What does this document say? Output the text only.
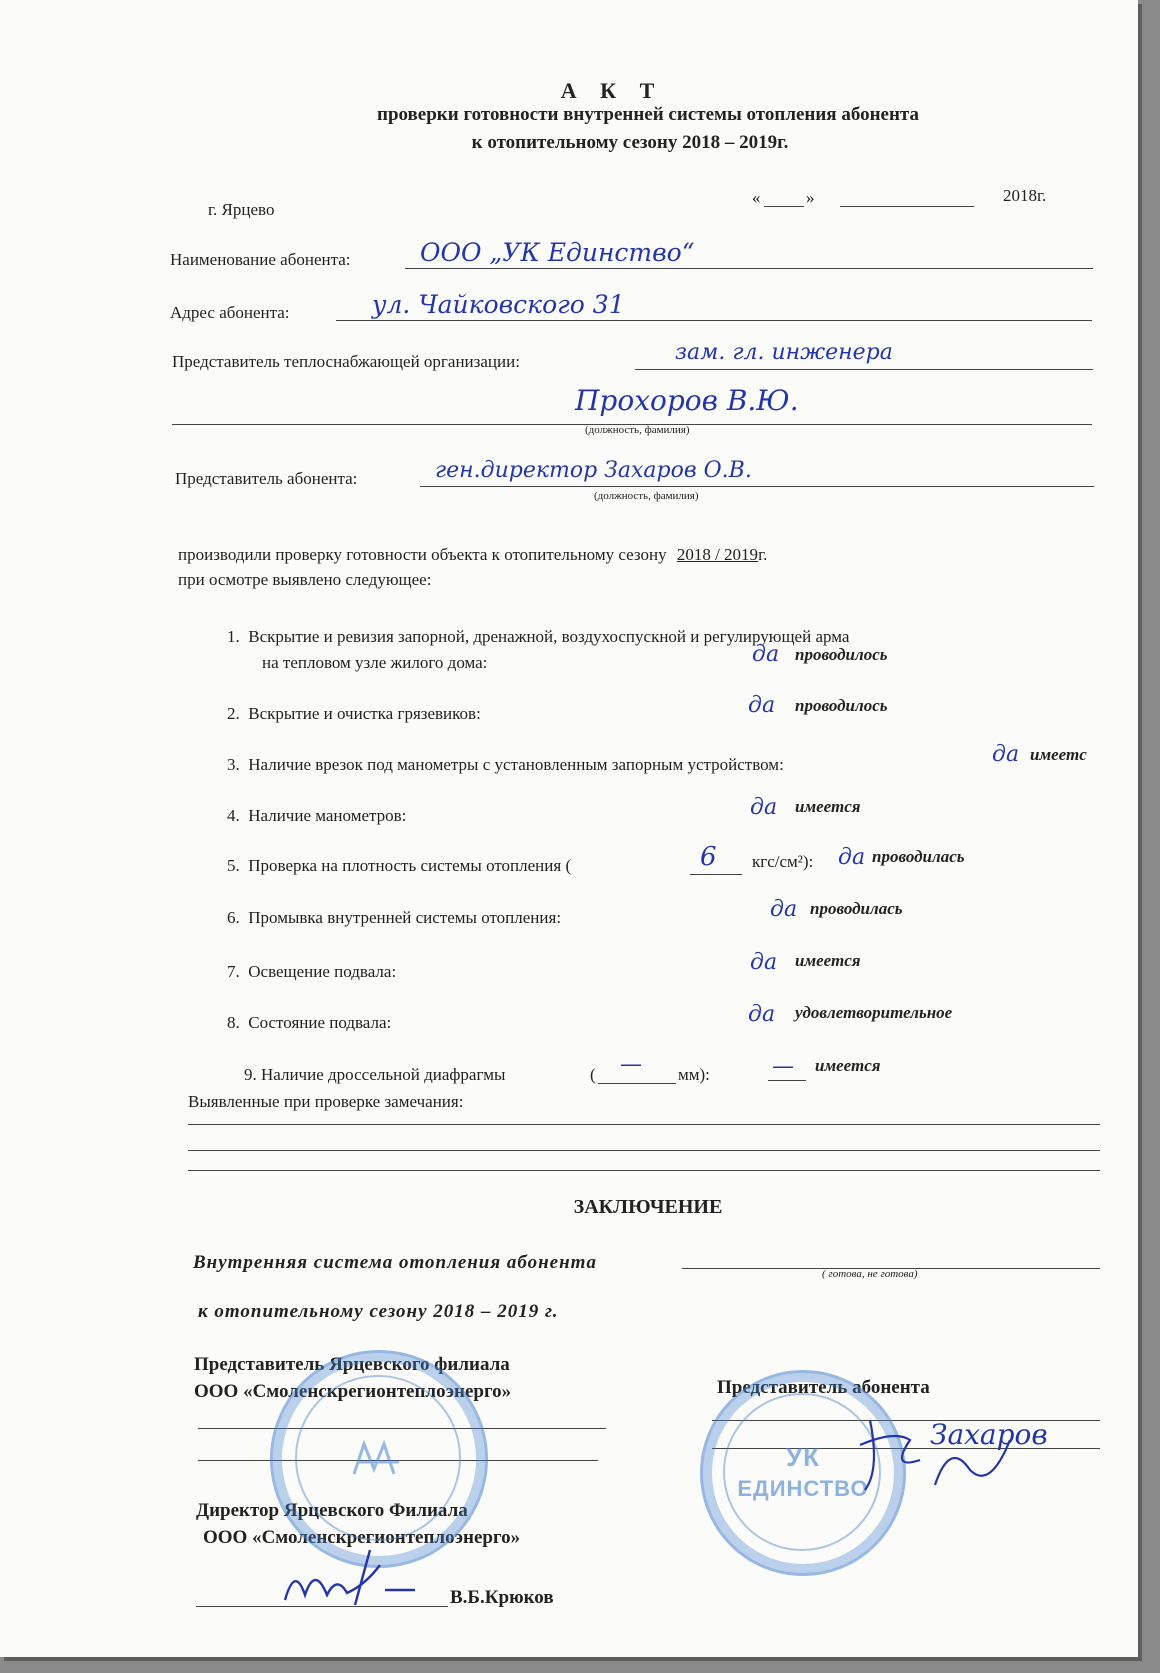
А К Т
проверки готовности внутренней системы отопления абонента
к отопительному сезону 2018 – 2019г.
г. Ярцево
«	»	2018г.
Наименование абонента:	ООО „УК Единство“
Адрес абонента:	ул. Чайковского 31
Представитель теплоснабжающей организации:	зам. гл. инженера
Прохоров В.Ю.
(должность, фамилия)
Представитель абонента:	ген.директор Захаров О.В.
(должность, фамилия)
производили проверку готовности объекта к отопительному сезону 2018 / 2019г.
при осмотре выявлено следующее:
1. Вскрытие и ревизия запорной, дренажной, воздухоспускной и регулирующей арма
на тепловом узле жилого дома:	да проводилось
2. Вскрытие и очистка грязевиков:	да проводилось
3. Наличие врезок под манометры с установленным запорным устройством:	да имеетс
4. Наличие манометров:	да имеется
5. Проверка на плотность системы отопления (	6 кгс/см²): да проводилась
6. Промывка внутренней системы отопления:	да проводилась
7. Освещение подвала:	да имеется
8. Состояние подвала:	да удовлетворительное
9. Наличие дроссельной диафрагмы	( — мм):	— имеется
Выявленные при проверке замечания:
ЗАКЛЮЧЕНИЕ
Внутренняя система отопления абонента
( готова, не готова)
к отопительному сезону 2018 – 2019 г.
Представитель Ярцевского филиала
ООО «Смоленскрегионтеплоэнерго»	Представитель абонента
Захаров
Директор Ярцевского Филиала
ООО «Смоленскрегионтеплоэнерго»
В.Б.Крюков
УК
ЕДИНСТВО
